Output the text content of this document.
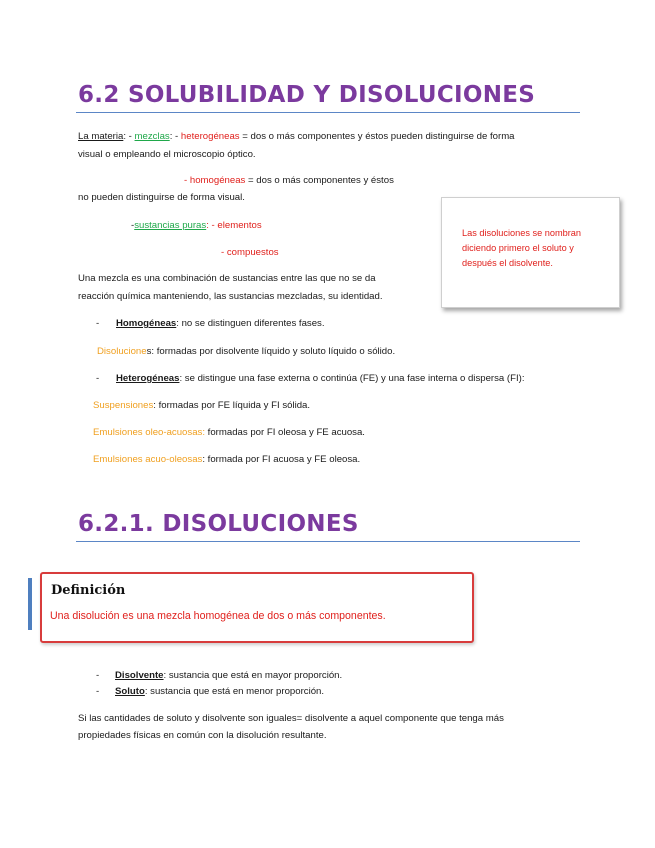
6.2 SOLUBILIDAD Y DISOLUCIONES
La materia: - mezclas: - heterogéneas = dos o más componentes y éstos pueden distinguirse de forma
visual o empleando el microscopio óptico.
- homogéneas = dos o más componentes y éstos
no pueden distinguirse de forma visual.
-sustancias puras: - elementos
- compuestos

Las disoluciones se nombran diciendo primero el soluto y después el disolvente.

Una mezcla es una combinación de sustancias entre las que no se da
reacción química manteniendo, las sustancias mezcladas, su identidad.
- Homogéneas: no se distinguen diferentes fases.
Disoluciones: formadas por disolvente líquido y soluto líquido o sólido.
- Heterogéneas: se distingue una fase externa o continúa (FE) y una fase interna o dispersa (FI):
Suspensiones: formadas por FE líquida y FI sólida.
Emulsiones oleo-acuosas: formadas por FI oleosa y FE acuosa.
Emulsiones acuo-oleosas: formada por FI acuosa y FE oleosa.
6.2.1. DISOLUCIONES
Definición
Una disolución es una mezcla homogénea de dos o más componentes.
- Disolvente: sustancia que está en mayor proporción.
- Soluto: sustancia que está en menor proporción.
Si las cantidades de soluto y disolvente son iguales= disolvente a aquel componente que tenga más
propiedades físicas en común con la disolución resultante.
